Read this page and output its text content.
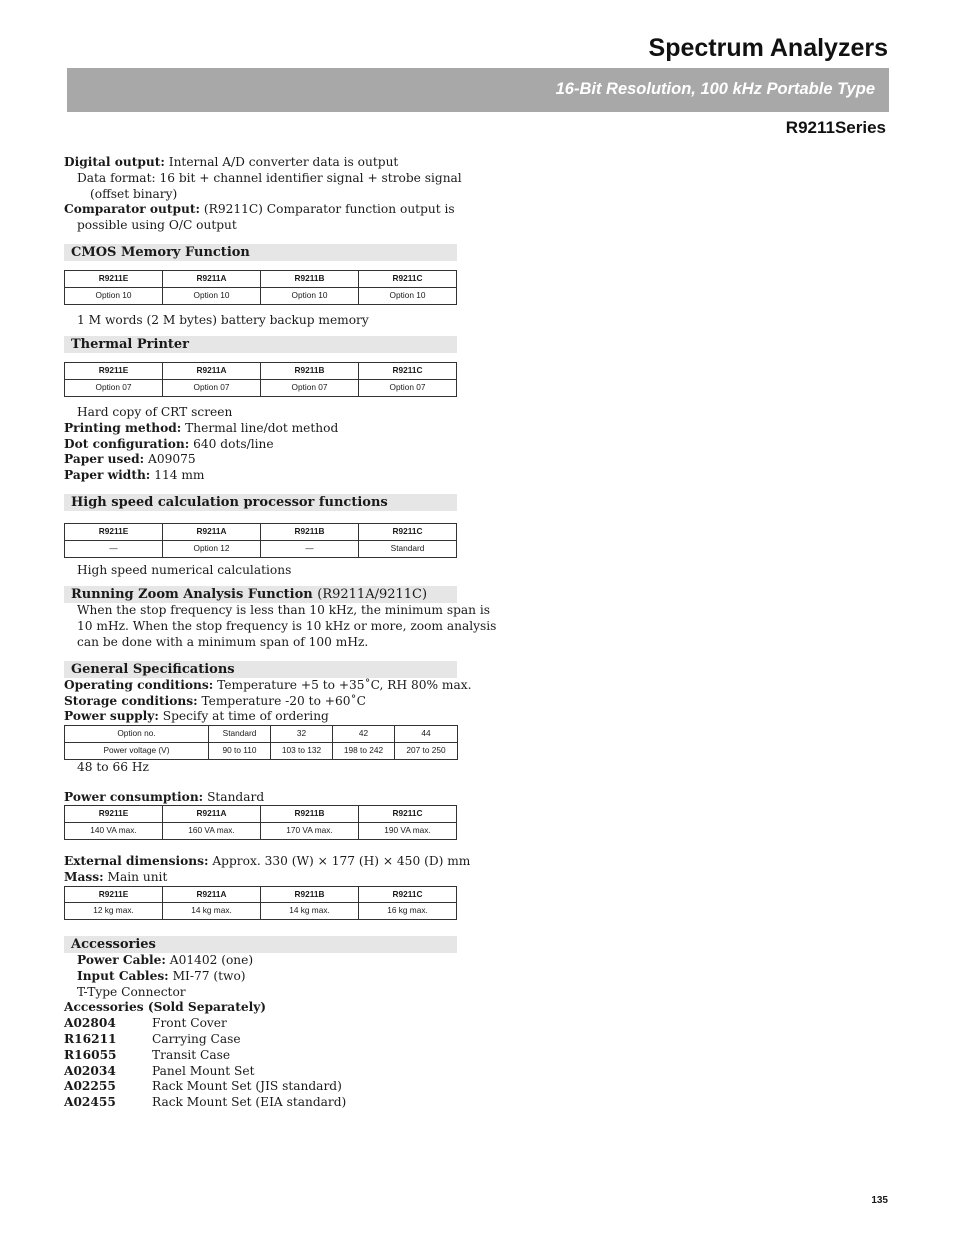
Spectrum Analyzers
16-Bit Resolution, 100 kHz Portable Type
R9211Series
Digital output: Internal A/D converter data is output
Data format: 16 bit + channel identifier signal + strobe signal
(offset binary)
Comparator output: (R9211C) Comparator function output is
possible using O/C output
CMOS Memory Function
R9211E	R9211A	R9211B	R9211C
Option 10	Option 10	Option 10	Option 10
1 M words (2 M bytes) battery backup memory
Thermal Printer
R9211E	R9211A	R9211B	R9211C
Option 07	Option 07	Option 07	Option 07
Hard copy of CRT screen
Printing method: Thermal line/dot method
Dot configuration: 640 dots/line
Paper used: A09075
Paper width: 114 mm
High speed calculation processor functions
R9211E	R9211A	R9211B	R9211C
—	Option 12	—	Standard
High speed numerical calculations
Running Zoom Analysis Function (R9211A/9211C)
When the stop frequency is less than 10 kHz, the minimum span is
10 mHz. When the stop frequency is 10 kHz or more, zoom analysis
can be done with a minimum span of 100 mHz.
General Specifications
Operating conditions: Temperature +5 to +35˚C, RH 80% max.
Storage conditions: Temperature -20 to +60˚C
Power supply: Specify at time of ordering
Option no.	Standard	32	42	44
Power voltage (V)	90 to 110	103 to 132	198 to 242	207 to 250
48 to 66 Hz
Power consumption: Standard
R9211E	R9211A	R9211B	R9211C
140 VA max.	160 VA max.	170 VA max.	190 VA max.
External dimensions: Approx. 330 (W) × 177 (H) × 450 (D) mm
Mass: Main unit
R9211E	R9211A	R9211B	R9211C
12 kg max.	14 kg max.	14 kg max.	16 kg max.
Accessories
Power Cable: A01402 (one)
Input Cables: MI-77 (two)
T-Type Connector
Accessories (Sold Separately)
A02804	Front Cover
R16211	Carrying Case
R16055	Transit Case
A02034	Panel Mount Set
A02255	Rack Mount Set (JIS standard)
A02455	Rack Mount Set (EIA standard)
135
